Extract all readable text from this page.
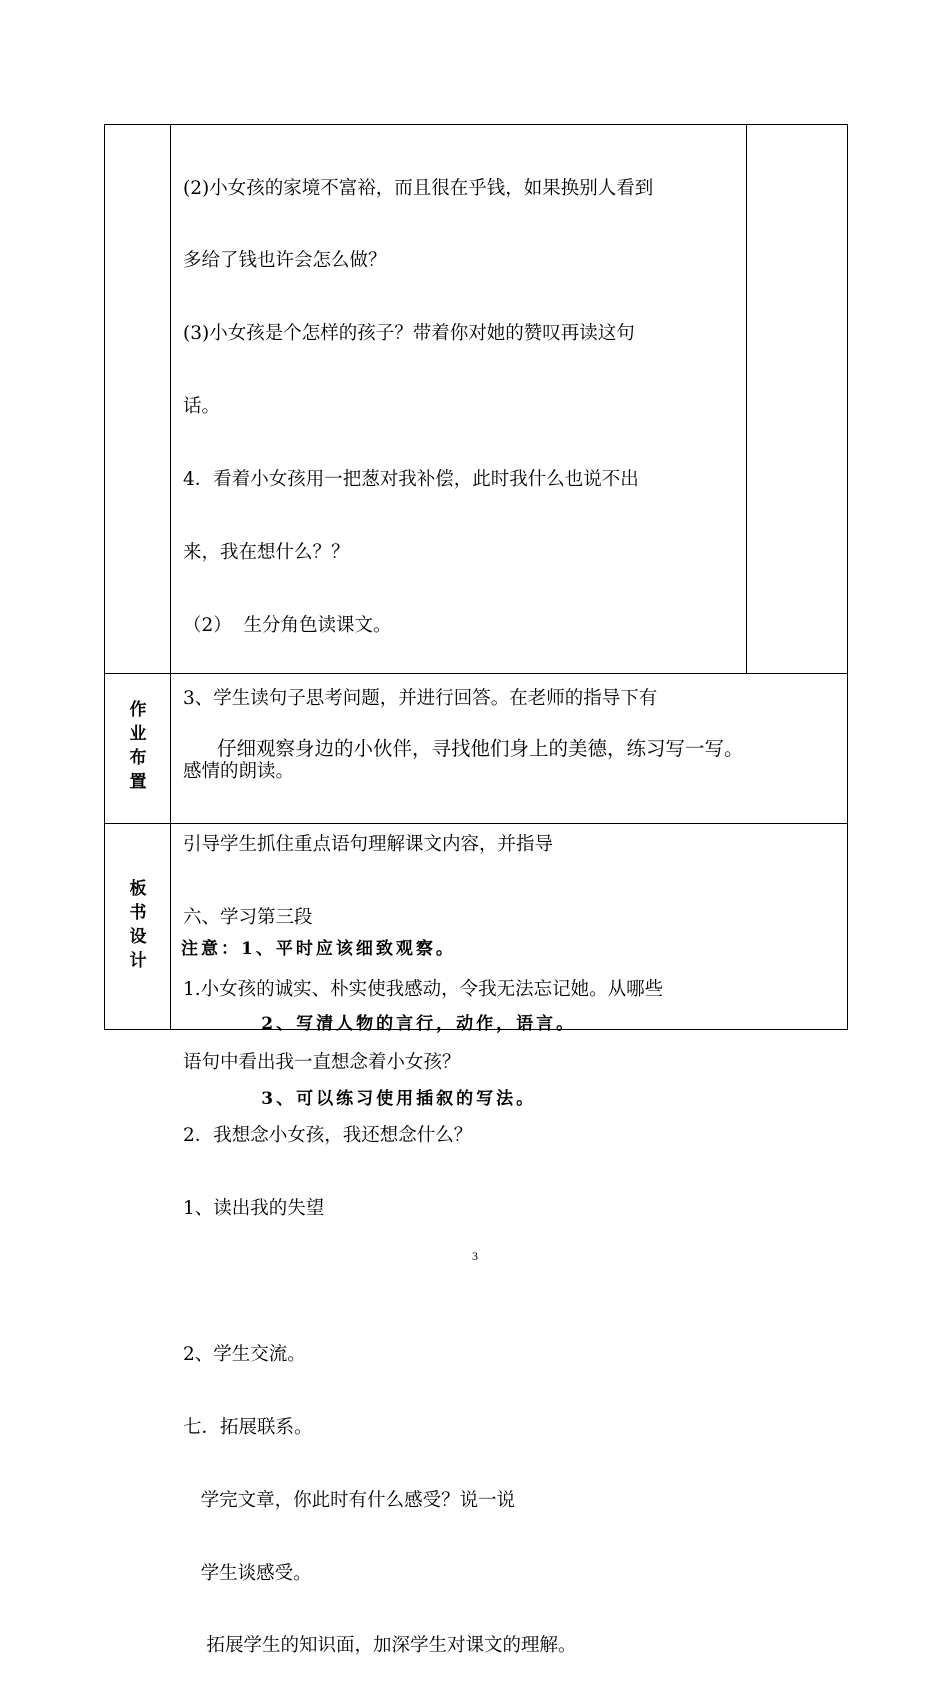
(2)小女孩的家境不富裕，而且很在乎钱，如果换别人看到

多给了钱也许会怎么做？

(3)小女孩是个怎样的孩子？带着你对她的赞叹再读这句

话。

4．看着小女孩用一把葱对我补偿，此时我什么也说不出

来，我在想什么？？

（2）  生分角色读课文。

3、学生读句子思考问题，并进行回答。在老师的指导下有

感情的朗读。

引导学生抓住重点语句理解课文内容，并指导

六、学习第三段

1.小女孩的诚实、朴实使我感动，令我无法忘记她。从哪些

语句中看出我一直想念着小女孩？

2．我想念小女孩，我还想念什么？

1、读出我的失望

2、学生交流。

七．拓展联系。

学完文章，你此时有什么感受？说一说

学生谈感受。

拓展学生的知识面，加深学生对课文的理解。

作
业
布
置
仔细观察身边的小伙伴，寻找他们身上的美德，练习写一写。
板
书
设
计

注意：1、平时应该细致观察。

2、写清人物的言行，动作，语言。

3、可以练习使用插叙的写法。

3
